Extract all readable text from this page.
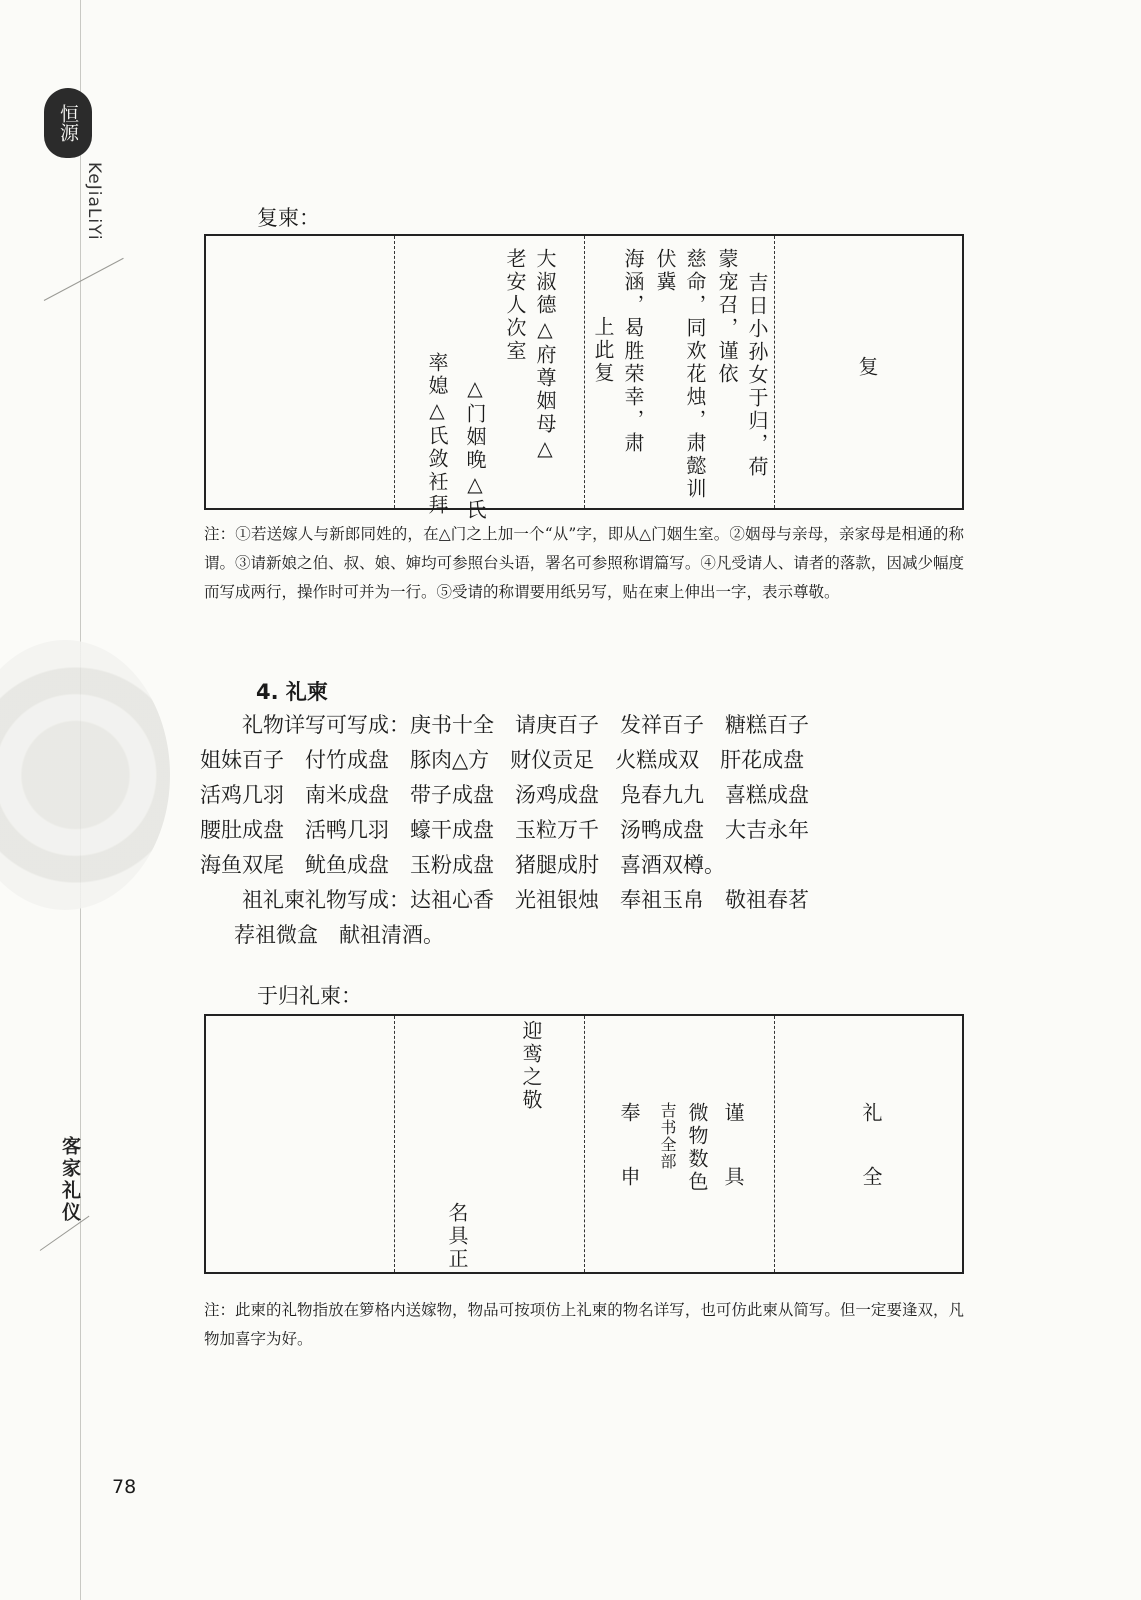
恒源
KeJiaLiYi
客家礼仪
复柬：
复
吉日小孙女于归，荷
蒙宠召，谨依
慈命，同欢花烛，肃懿训
伏冀
海涵，曷胜荣幸，肃
上此复
大淑德△府尊姻母△
老安人次室
△门姻晚△氏
率媳△氏敛衽拜
注：①若送嫁人与新郎同姓的，在△门之上加一个“从”字，即从△门姻生室。②姻母与亲母，亲家母是相通的称谓。③请新娘之伯、叔、娘、婶均可参照台头语，署名可参照称谓篇写。④凡受请人、请者的落款，因减少幅度而写成两行，操作时可并为一行。⑤受请的称谓要用纸另写，贴在柬上伸出一字，表示尊敬。
4. 礼柬
　　礼物详写可写成：庚书十全　请庚百子　发祥百子　糖糕百子
姐妹百子　付竹成盘　豚肉△方　财仪贡足　火糕成双　肝花成盘
活鸡几羽　南米成盘　带子成盘　汤鸡成盘　凫春九九　喜糕成盘
腰肚成盘　活鸭几羽　蠔干成盘　玉粒万千　汤鸭成盘　大吉永年
海鱼双尾　鱿鱼成盘　玉粉成盘　猪腿成肘　喜酒双樽。
　　祖礼柬礼物写成：达祖心香　光祖银烛　奉祖玉帛　敬祖春茗
荐祖微盒　献祖清酒。
于归礼柬：
礼
全
谨
具
微物数色
吉书全部
奉
申
迎鸾之敬
名具正
注：此柬的礼物指放在箩格内送嫁物，物品可按项仿上礼柬的物名详写，也可仿此柬从简写。但一定要逢双，凡物加喜字为好。
78
